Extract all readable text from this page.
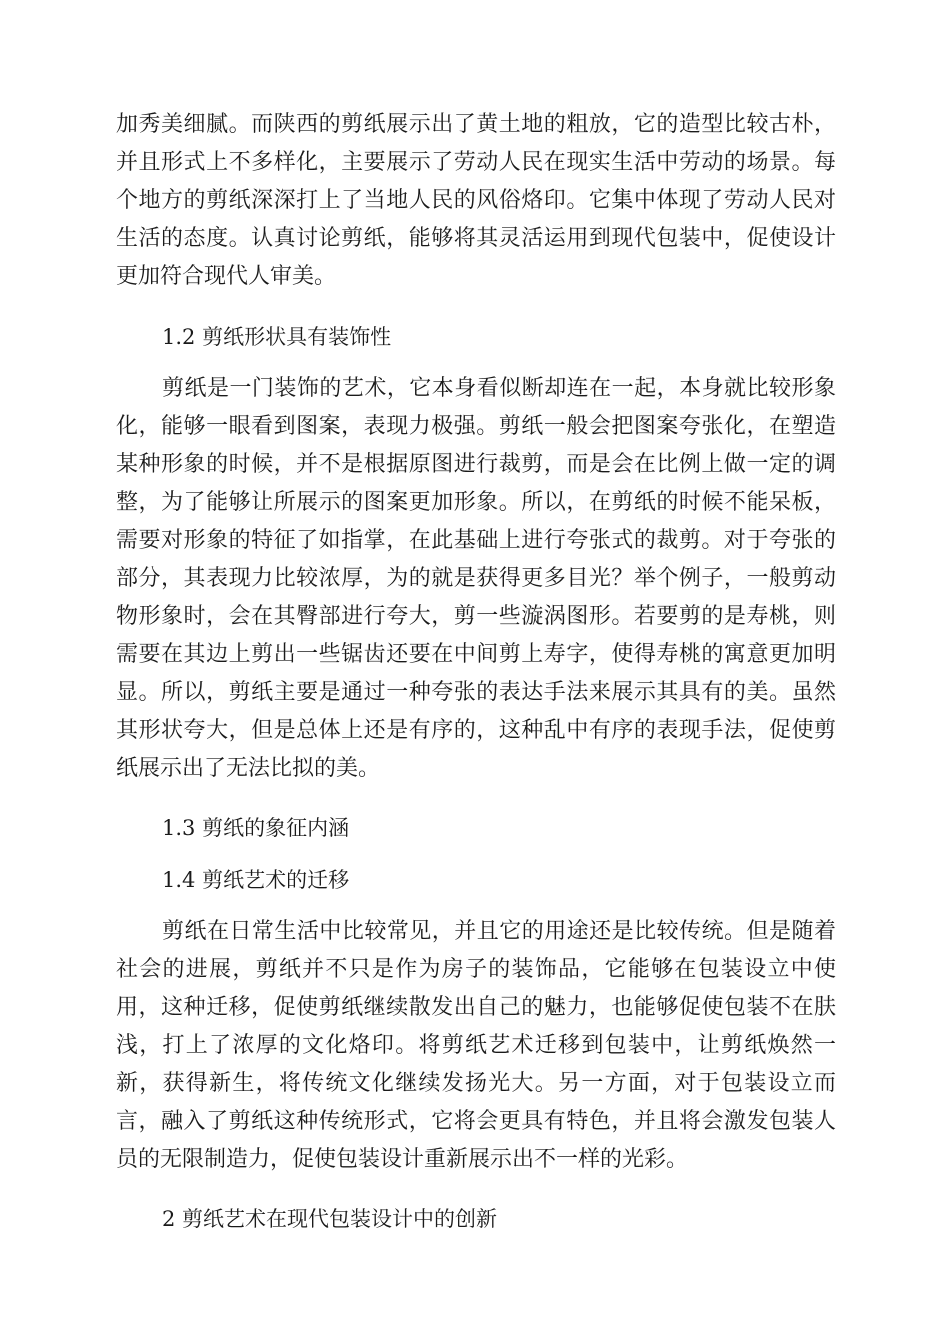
加秀美细腻。而陕西的剪纸展示出了黄土地的粗放，它的造型比较古朴，
并且形式上不多样化，主要展示了劳动人民在现实生活中劳动的场景。每
个地方的剪纸深深打上了当地人民的风俗烙印。它集中体现了劳动人民对
生活的态度。认真讨论剪纸，能够将其灵活运用到现代包装中，促使设计
更加符合现代人审美。
1.2 剪纸形状具有装饰性
剪纸是一门装饰的艺术，它本身看似断却连在一起，本身就比较形象
化，能够一眼看到图案，表现力极强。剪纸一般会把图案夸张化，在塑造
某种形象的时候，并不是根据原图进行裁剪，而是会在比例上做一定的调
整，为了能够让所展示的图案更加形象。所以，在剪纸的时候不能呆板，
需要对形象的特征了如指掌，在此基础上进行夸张式的裁剪。对于夸张的
部分，其表现力比较浓厚，为的就是获得更多目光？举个例子，一般剪动
物形象时，会在其臀部进行夸大，剪一些漩涡图形。若要剪的是寿桃，则
需要在其边上剪出一些锯齿还要在中间剪上寿字，使得寿桃的寓意更加明
显。所以，剪纸主要是通过一种夸张的表达手法来展示其具有的美。虽然
其形状夸大，但是总体上还是有序的，这种乱中有序的表现手法，促使剪
纸展示出了无法比拟的美。
1.3 剪纸的象征内涵
1.4 剪纸艺术的迁移
剪纸在日常生活中比较常见，并且它的用途还是比较传统。但是随着
社会的进展，剪纸并不只是作为房子的装饰品，它能够在包装设立中使
用，这种迁移，促使剪纸继续散发出自己的魅力，也能够促使包装不在肤
浅，打上了浓厚的文化烙印。将剪纸艺术迁移到包装中，让剪纸焕然一
新，获得新生，将传统文化继续发扬光大。另一方面，对于包装设立而
言，融入了剪纸这种传统形式，它将会更具有特色，并且将会激发包装人
员的无限制造力，促使包装设计重新展示出不一样的光彩。
2 剪纸艺术在现代包装设计中的创新
